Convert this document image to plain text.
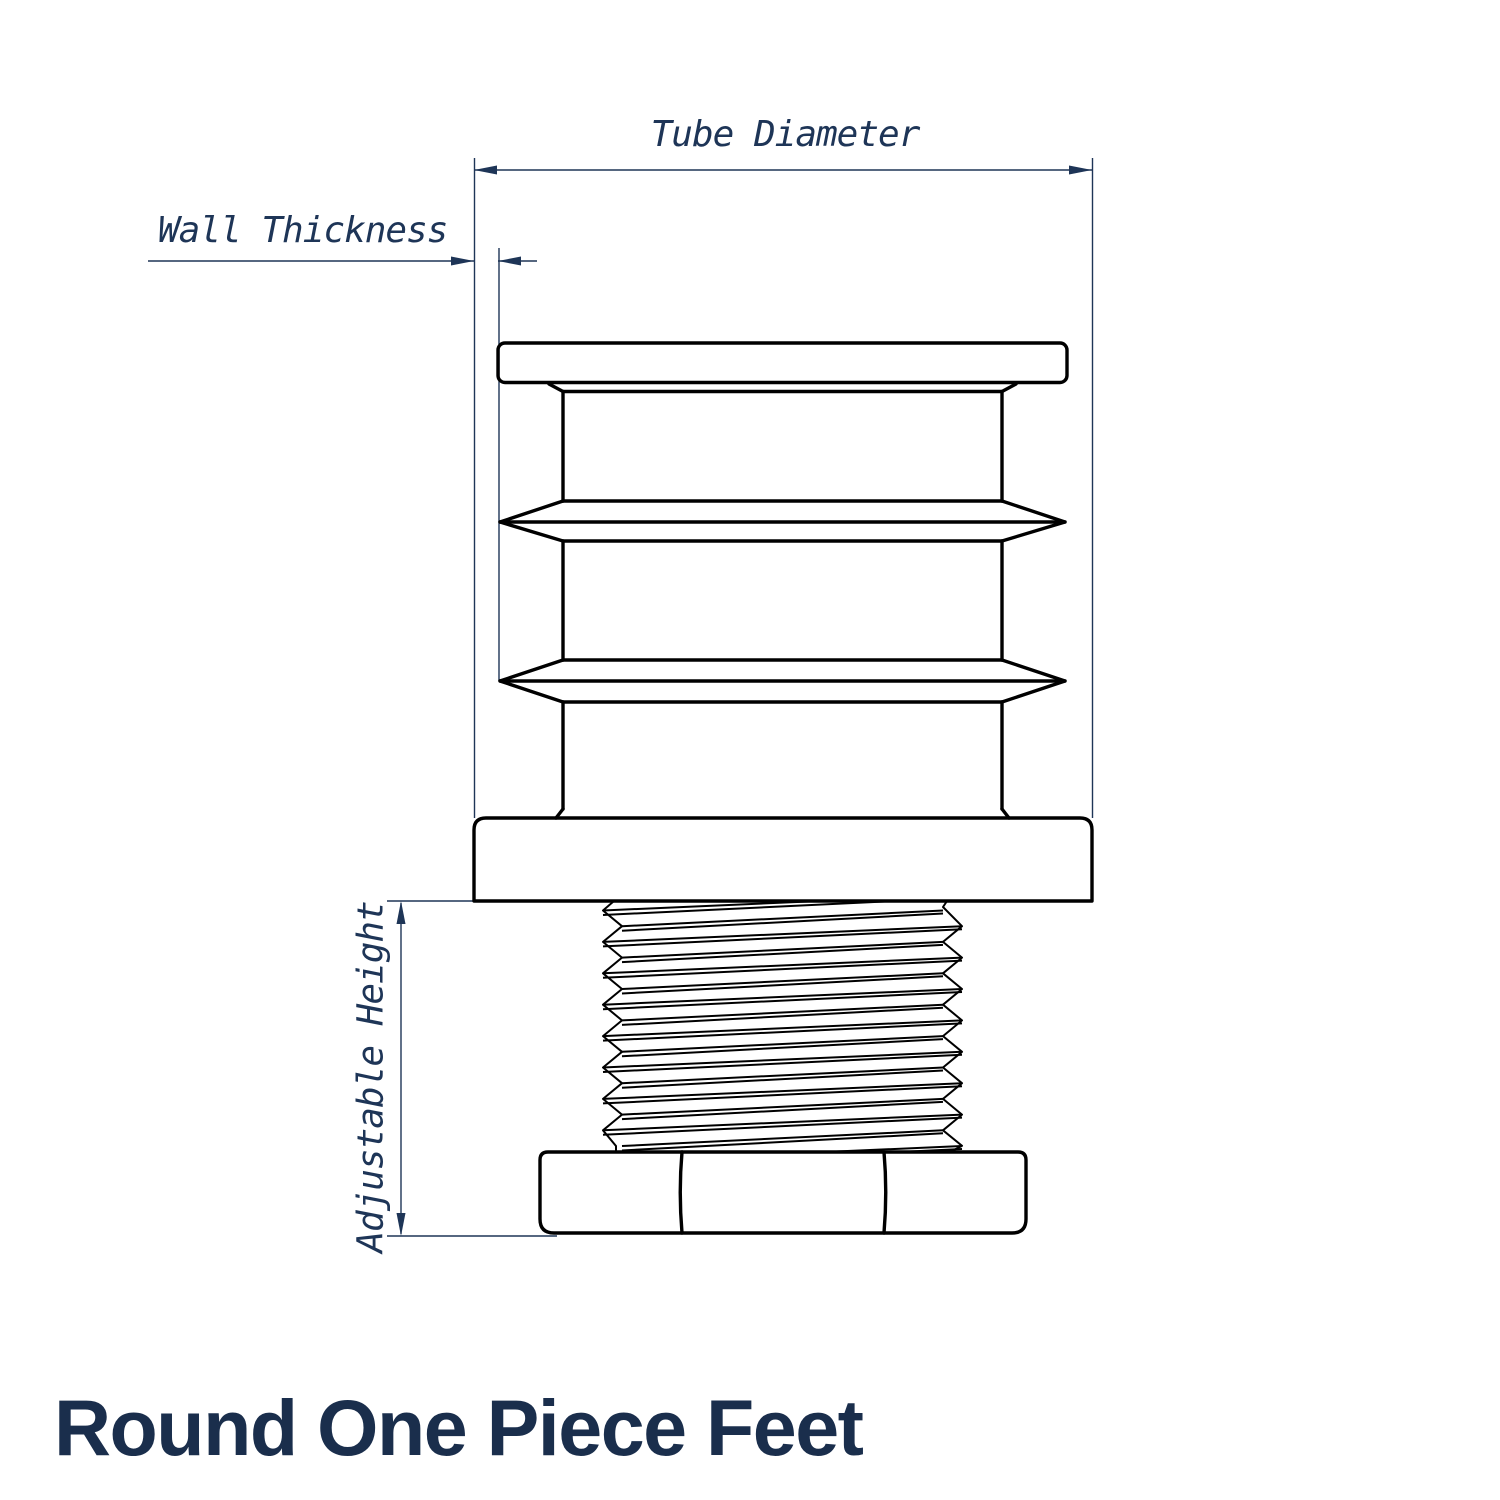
Tube Diameter
Wall Thickness
Adjustable Height
Round One Piece Feet
